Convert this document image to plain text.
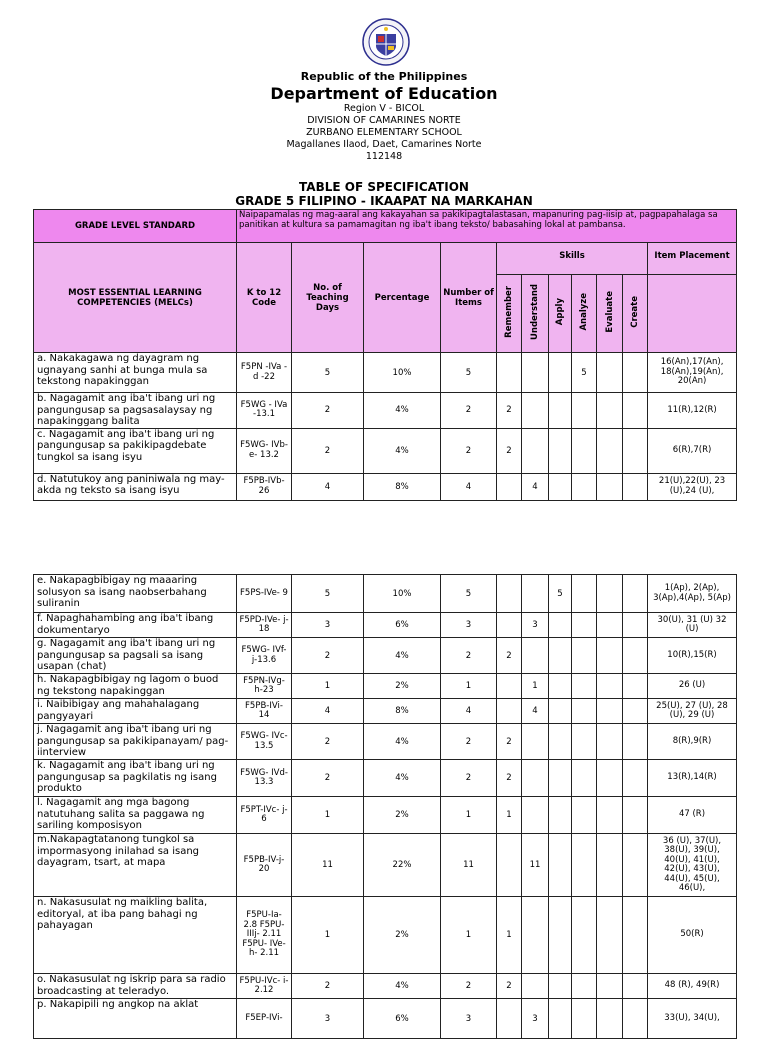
Republic of the Philippines
Department of Education
Region V - BICOL
DIVISION OF CAMARINES NORTE
ZURBANO ELEMENTARY SCHOOL
Magallanes Ilaod, Daet, Camarines Norte
112148
TABLE OF SPECIFICATION
GRADE 5 FILIPINO - IKAAPAT NA MARKAHAN
GRADE LEVEL STANDARD	Naipapamalas ng mag-aaral ang kakayahan sa pakikipagtalastasan, mapanuring pag-iisip at, pagpapahalaga sa panitikan at kultura sa pamamagitan ng iba't ibang teksto/ babasahing lokal at pambansa.										
MOST ESSENTIAL LEARNING COMPETENCIES (MELCs)	K to 12 Code	No. of Teaching Days	Percentage	Number of Items	Skills						Item Placement
					Remember	Understand	Apply	Analyze	Evaluate	Create	
a. Nakakagawa ng dayagram ng ugnayang sanhi at bunga mula sa tekstong napakinggan	F5PN -IVa - d -22	5	10%	5				5			16(An),17(An), 18(An),19(An), 20(An)
b. Nagagamit ang iba't ibang uri ng pangungusap sa pagsasalaysay ng napakinggang balita	F5WG - IVa -13.1	2	4%	2	2						11(R),12(R)
c. Nagagamit ang iba't ibang uri ng pangungusap sa pakikipagdebate tungkol sa isang isyu	F5WG- IVb-e- 13.2	2	4%	2	2						6(R),7(R)
d. Natutukoy ang paniniwala ng may-akda ng teksto sa isang isyu	F5PB-IVb- 26	4	8%	4		4					21(U),22(U), 23 (U),24 (U),
e. Nakapagbibigay ng maaaring solusyon sa isang naobserbahang suliranin	F5PS-IVe- 9	5	10%	5			5				1(Ap), 2(Ap), 3(Ap),4(Ap), 5(Ap)
f. Napaghahambing ang iba't ibang dokumentaryo	F5PD-IVe- j-18	3	6%	3		3					30(U), 31 (U) 32 (U)
g. Nagagamit ang iba't ibang uri ng pangungusap sa pagsali sa isang usapan (chat)	F5WG- IVf-j-13.6	2	4%	2	2						10(R),15(R)
h. Nakapagbibigay ng lagom o buod ng tekstong napakinggan	F5PN-IVg- h-23	1	2%	1		1					26 (U)
i. Naibibigay ang mahahalagang pangyayari	F5PB-IVi- 14	4	8%	4		4					25(U), 27 (U), 28 (U), 29 (U)
j. Nagagamit ang iba't ibang uri ng pangungusap sa pakikipanayam/ pag-iinterview	F5WG- IVc-13.5	2	4%	2	2						8(R),9(R)
k. Nagagamit ang iba't ibang uri ng pangungusap sa pagkilatis ng isang produkto	F5WG- IVd-13.3	2	4%	2	2						13(R),14(R)
l. Nagagamit ang mga bagong natutuhang salita sa paggawa ng sariling komposisyon	F5PT-IVc- j-6	1	2%	1	1						47 (R)
m.Nakapagtatanong tungkol sa impormasyong inilahad sa isang dayagram, tsart, at mapa	F5PB-IV-j- 20	11	22%	11		11					36 (U), 37(U), 38(U), 39(U), 40(U), 41(U), 42(U), 43(U), 44(U), 45(U), 46(U),
n. Nakasusulat ng maikling balita, editoryal, at iba pang bahagi ng pahayagan	F5PU-Ia- 2.8 F5PU-IIIj- 2.11 F5PU- IVe-h- 2.11	1	2%	1	1						50(R)
o. Nakasusulat ng iskrip para sa radio broadcasting at teleradyo.	F5PU-IVc- i-2.12	2	4%	2	2						48 (R), 49(R)
p. Nakapipili ng angkop na aklat	F5EP-IVi-	3	6%	3		3					33(U), 34(U),
